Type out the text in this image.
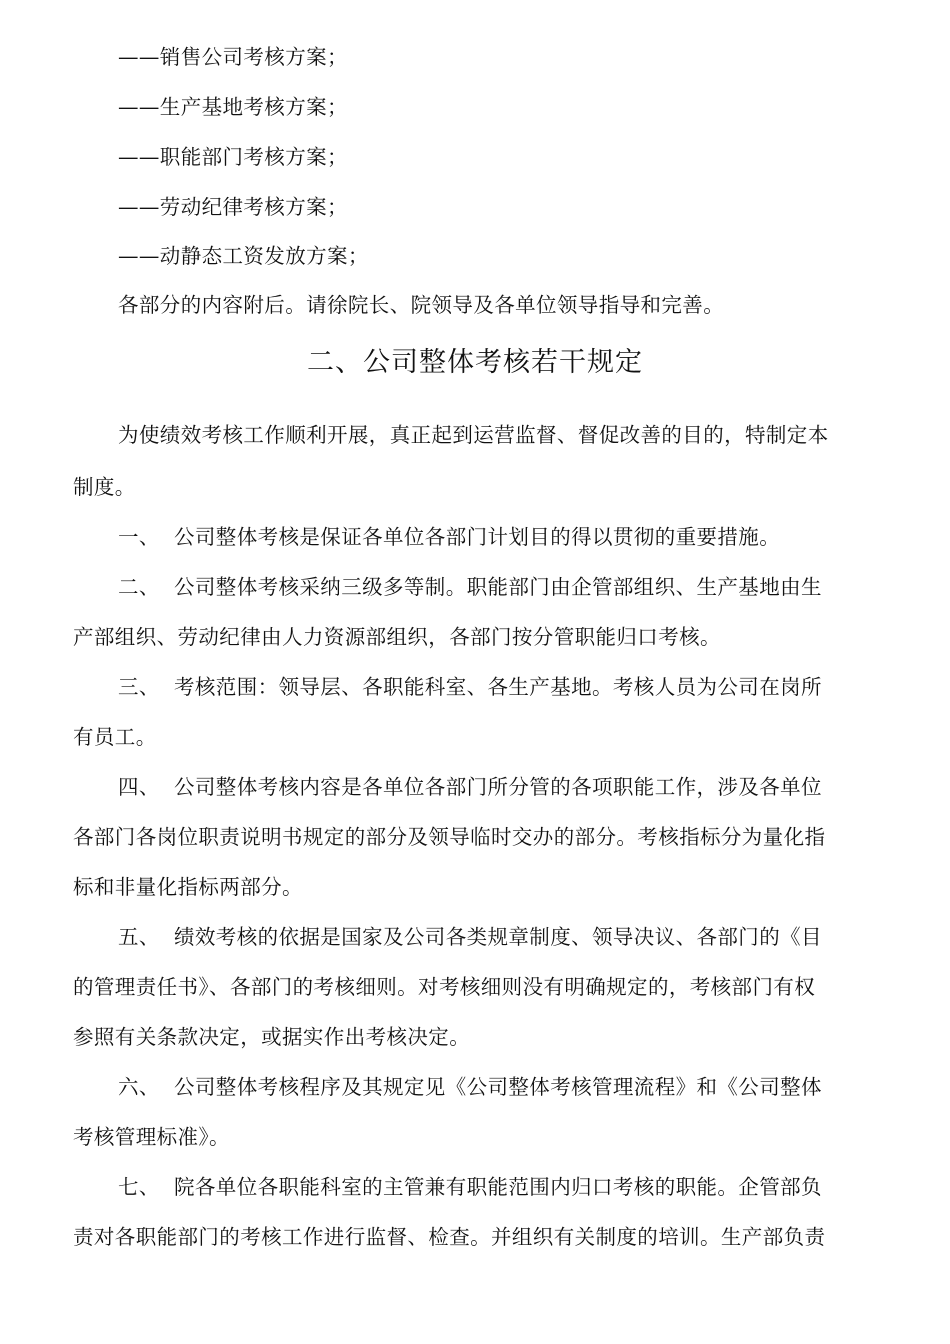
——销售公司考核方案；
——生产基地考核方案；
——职能部门考核方案；
——劳动纪律考核方案；
——动静态工资发放方案；
各部分的内容附后。请徐院长、院领导及各单位领导指导和完善。
二、公司整体考核若干规定
为使绩效考核工作顺利开展，真正起到运营监督、督促改善的目的，特制定本
制度。
一、 公司整体考核是保证各单位各部门计划目的得以贯彻的重要措施。
二、 公司整体考核采纳三级多等制。职能部门由企管部组织、生产基地由生
产部组织、劳动纪律由人力资源部组织，各部门按分管职能归口考核。
三、 考核范围：领导层、各职能科室、各生产基地。考核人员为公司在岗所
有员工。
四、 公司整体考核内容是各单位各部门所分管的各项职能工作，涉及各单位
各部门各岗位职责说明书规定的部分及领导临时交办的部分。考核指标分为量化指
标和非量化指标两部分。
五、 绩效考核的依据是国家及公司各类规章制度、领导决议、各部门的《目
的管理责任书》、各部门的考核细则。对考核细则没有明确规定的，考核部门有权
参照有关条款决定，或据实作出考核决定。
六、 公司整体考核程序及其规定见《公司整体考核管理流程》和《公司整体
考核管理标准》。
七、 院各单位各职能科室的主管兼有职能范围内归口考核的职能。企管部负
责对各职能部门的考核工作进行监督、检查。并组织有关制度的培训。生产部负责
